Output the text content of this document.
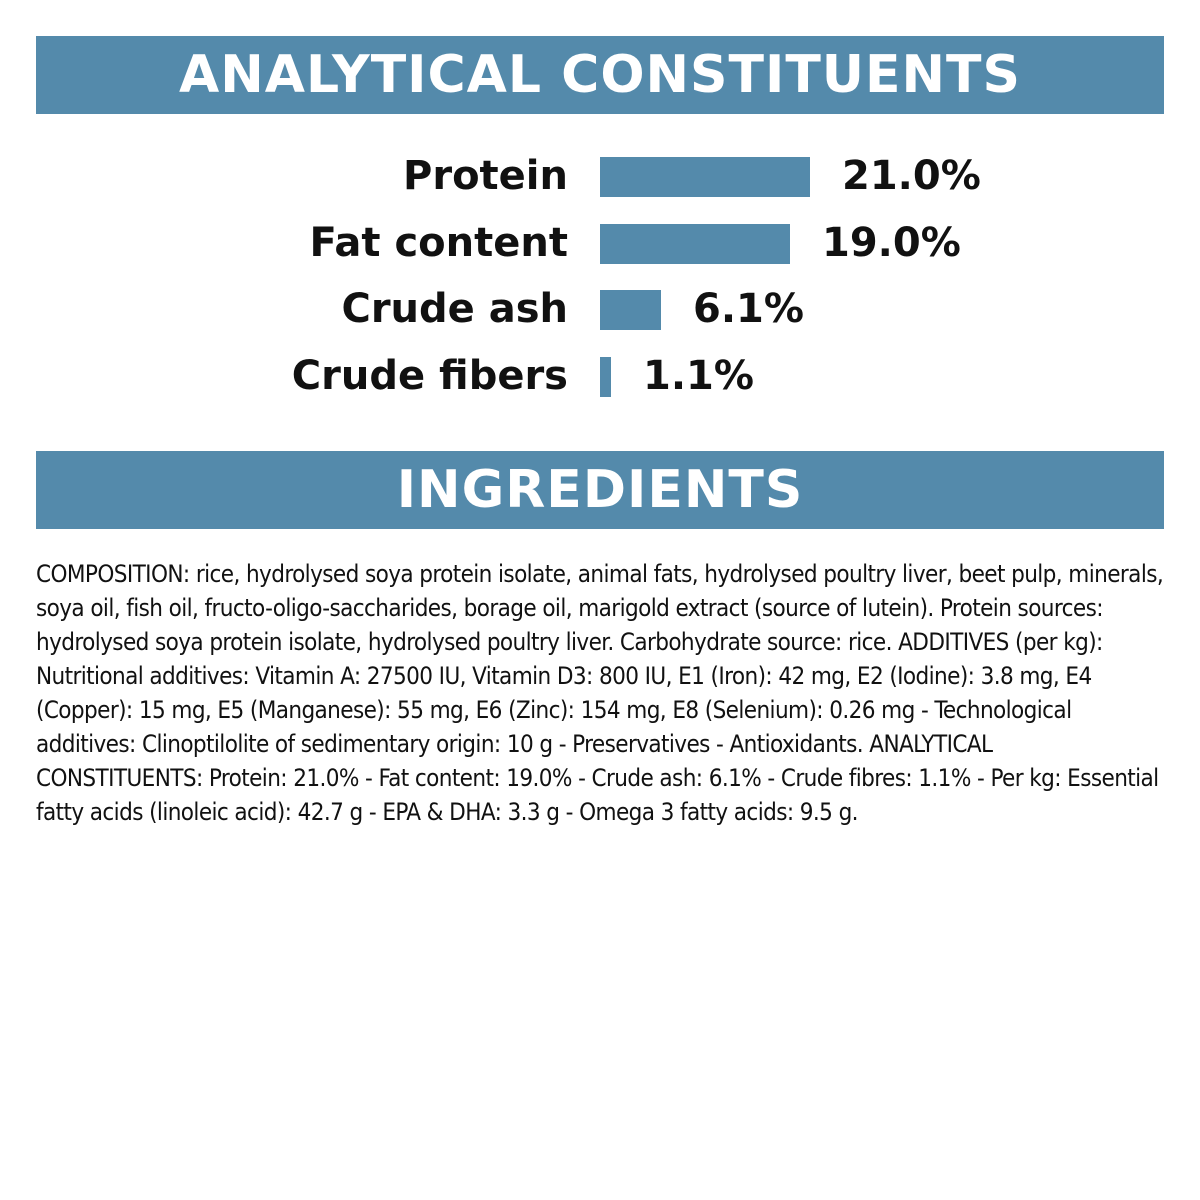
ANALYTICAL CONSTITUENTS
Protein	21.0%
Fat content	19.0%
Crude ash	6.1%
Crude fibers 1.1%
INGREDIENTS
COMPOSITION: rice, hydrolysed soya protein isolate, animal fats, hydrolysed poultry liver, beet pulp, minerals, soya oil, fish oil, fructo-oligo-saccharides, borage oil, marigold extract (source of lutein). Protein sources: hydrolysed soya protein isolate, hydrolysed poultry liver. Carbohydrate source: rice. ADDITIVES (per kg): Nutritional additives: Vitamin A: 27500 IU, Vitamin D3: 800 IU, E1 (Iron): 42 mg, E2 (Iodine): 3.8 mg, E4 (Copper): 15 mg, E5 (Manganese): 55 mg, E6 (Zinc): 154 mg, E8 (Selenium): 0.26 mg - Technological additives: Clinoptilolite of sedimentary origin: 10 g - Preservatives - Antioxidants. ANALYTICAL CONSTITUENTS: Protein: 21.0% - Fat content: 19.0% - Crude ash: 6.1% - Crude fibres: 1.1% - Per kg: Essential fatty acids (linoleic acid): 42.7 g - EPA & DHA: 3.3 g - Omega 3 fatty acids: 9.5 g.
